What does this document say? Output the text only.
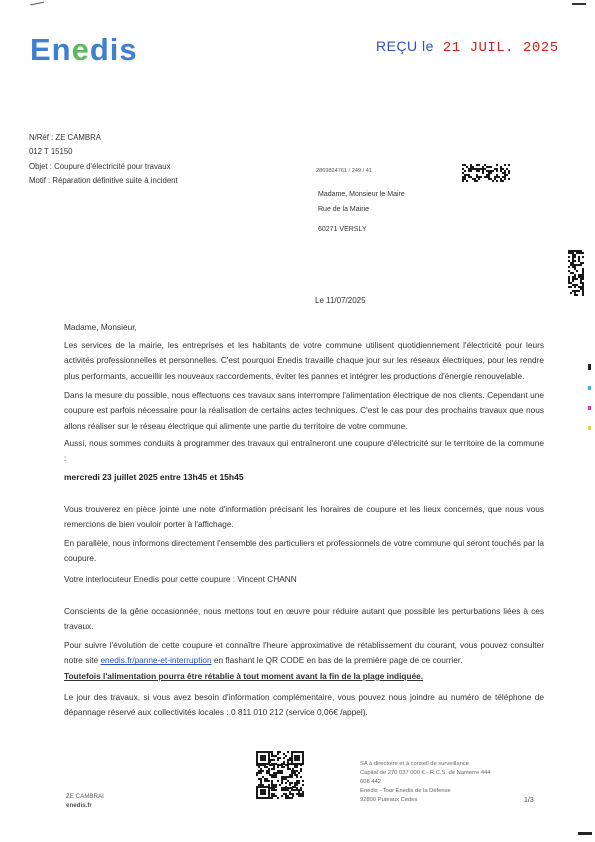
Enedis	REÇU le 21 JUIL. 2025
N/Réf : ZE CAMBRA
012 T 15150
Objet : Coupure d'électricité pour travaux
Motif : Réparation définitive suite à incident
2869824761 / 249 / 41
Madame, Monsieur le Maire
Rue de la Mairie
60271 VERSLY
Le 11/07/2025
Madame, Monsieur,
Les services de la mairie, les entreprises et les habitants de votre commune utilisent quotidiennement l'électricité pour leurs activités professionnelles et personnelles. C'est pourquoi Enedis travaille chaque jour sur les réseaux électriques, pour les rendre plus performants, accueillir les nouveaux raccordements, éviter les pannes et intégrer les productions d'énergie renouvelable.
Dans la mesure du possible, nous effectuons ces travaux sans interrompre l'alimentation électrique de nos clients. Cependant une coupure est parfois nécessaire pour la réalisation de certains actes techniques. C'est le cas pour des prochains travaux que nous allons réaliser sur le réseau électrique qui alimente une partie du territoire de votre commune.
Aussi, nous sommes conduits à programmer des travaux qui entraîneront une coupure d'électricité sur le territoire de la commune :
mercredi 23 juillet 2025 entre 13h45 et 15h45
Vous trouverez en pièce jointe une note d'information précisant les horaires de coupure et les lieux concernés, que nous vous remercions de bien vouloir porter à l'affichage.
En parallèle, nous informons directement l'ensemble des particuliers et professionnels de votre commune qui seront touchés par la coupure.
Votre interlocuteur Enedis pour cette coupure : Vincent CHANN
Conscients de la gêne occasionnée, nous mettons tout en œuvre pour réduire autant que possible les perturbations liées à ces travaux.
Pour suivre l'évolution de cette coupure et connaître l'heure approximative de rétablissement du courant, vous pouvez consulter notre site enedis.fr/panne-et-interruption en flashant le QR CODE en bas de la première page de ce courrier.
Toutefois l'alimentation pourra être rétablie à tout moment avant la fin de la plage indiquée.
Le jour des travaux, si vous avez besoin d'information complémentaire, vous pouvez nous joindre au numéro de téléphone de dépannage réservé aux collectivités locales : 0 811 010 212 (service 0,06€ /appel).
ZE CAMBRAI
enedis.fr
SA à directoire et à conseil de surveillance
Capital de 270 037 000 € - R.C.S. de Nanterre 444
608 442
Enedis - Tour Enedis de la Défense
92800 Puteaux Cedex	1/3
